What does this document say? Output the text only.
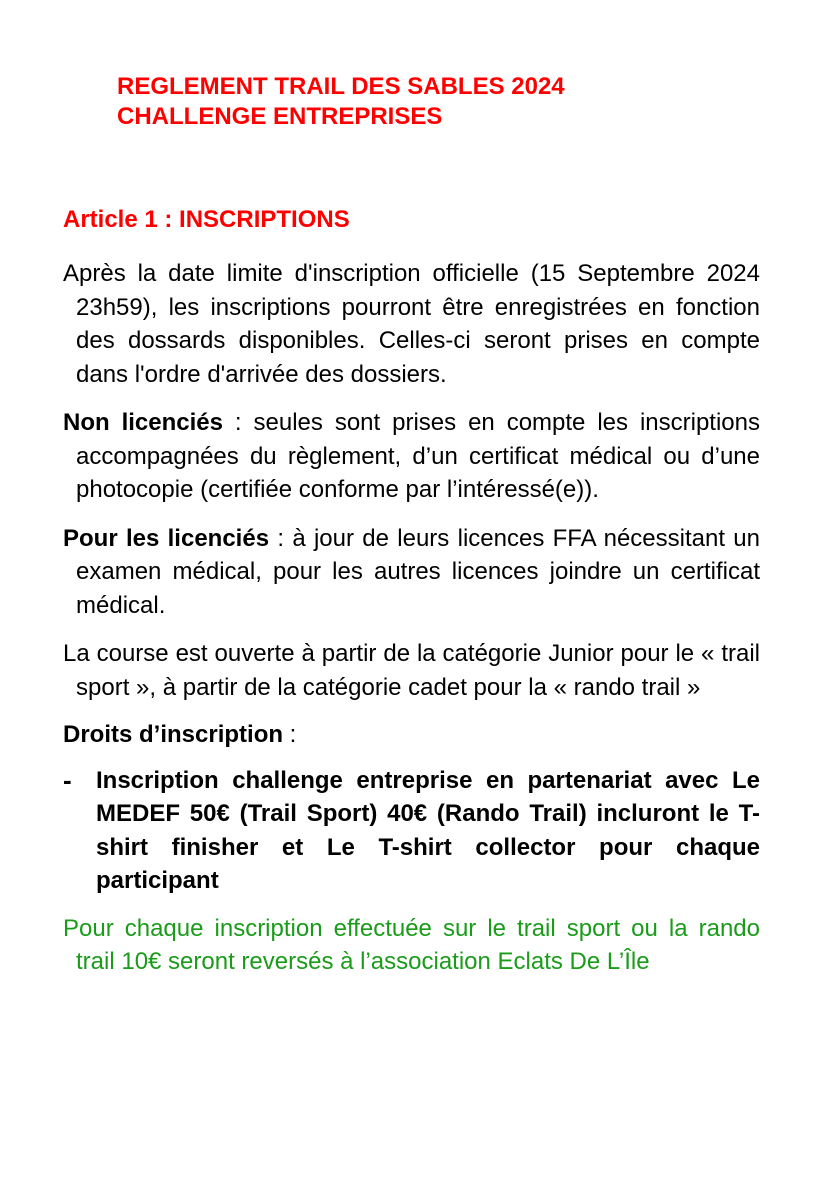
REGLEMENT TRAIL DES SABLES 2024
CHALLENGE ENTREPRISES
Article 1 : INSCRIPTIONS

Après la date limite d'inscription officielle (15 Septembre 2024 23h59), les inscriptions pourront être enregistrées en fonction des dossards disponibles. Celles-ci seront prises en compte dans l'ordre d'arrivée des dossiers.

Non licenciés : seules sont prises en compte les inscriptions accompagnées du règlement, d’un certificat médical ou d’une photocopie (certifiée conforme par l’intéressé(e)).

Pour les licenciés : à jour de leurs licences FFA nécessitant un examen médical, pour les autres licences joindre un certificat médical.

La course est ouverte à partir de la catégorie Junior pour le « trail sport », à partir de la catégorie cadet pour la « rando trail »

Droits d’inscription :
-	Inscription challenge entreprise en partenariat avec Le MEDEF 50€ (Trail Sport) 40€ (Rando Trail) incluront le T-shirt finisher et Le T-shirt collector pour chaque participant

Pour chaque inscription effectuée sur le trail sport ou la rando trail 10€ seront reversés à l’association Eclats De L’Île
